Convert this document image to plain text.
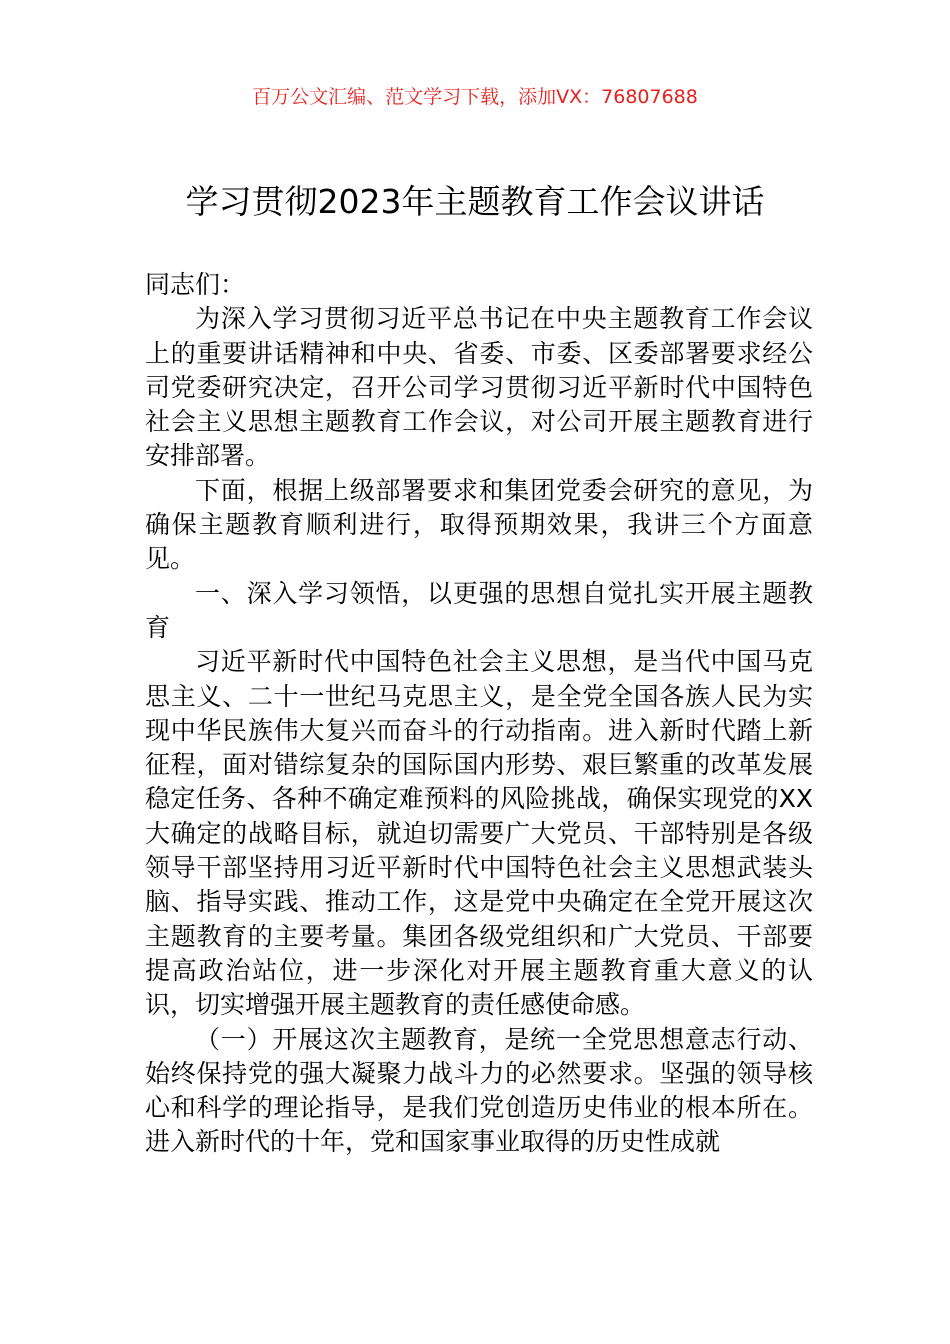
百万公文汇编、范文学习下载，添加VX：76807688
学习贯彻2023年主题教育工作会议讲话

同志们：

为深入学习贯彻习近平总书记在中央主题教育工作会议上的重要讲话精神和中央、省委、市委、区委部署要求经公司党委研究决定，召开公司学习贯彻习近平新时代中国特色社会主义思想主题教育工作会议，对公司开展主题教育进行安排部署。

下面，根据上级部署要求和集团党委会研究的意见，为确保主题教育顺利进行，取得预期效果，我讲三个方面意见。

一、深入学习领悟，以更强的思想自觉扎实开展主题教育

习近平新时代中国特色社会主义思想，是当代中国马克思主义、二十一世纪马克思主义，是全党全国各族人民为实现中华民族伟大复兴而奋斗的行动指南。进入新时代踏上新征程，面对错综复杂的国际国内形势、艰巨繁重的改革发展稳定任务、各种不确定难预料的风险挑战，确保实现党的XX大确定的战略目标，就迫切需要广大党员、干部特别是各级领导干部坚持用习近平新时代中国特色社会主义思想武装头脑、指导实践、推动工作，这是党中央确定在全党开展这次主题教育的主要考量。集团各级党组织和广大党员、干部要提高政治站位，进一步深化对开展主题教育重大意义的认识，切实增强开展主题教育的责任感使命感。

（一）开展这次主题教育，是统一全党思想意志行动、始终保持党的强大凝聚力战斗力的必然要求。坚强的领导核心和科学的理论指导，是我们党创造历史伟业的根本所在。进入新时代的十年，党和国家事业取得的历史性成就
